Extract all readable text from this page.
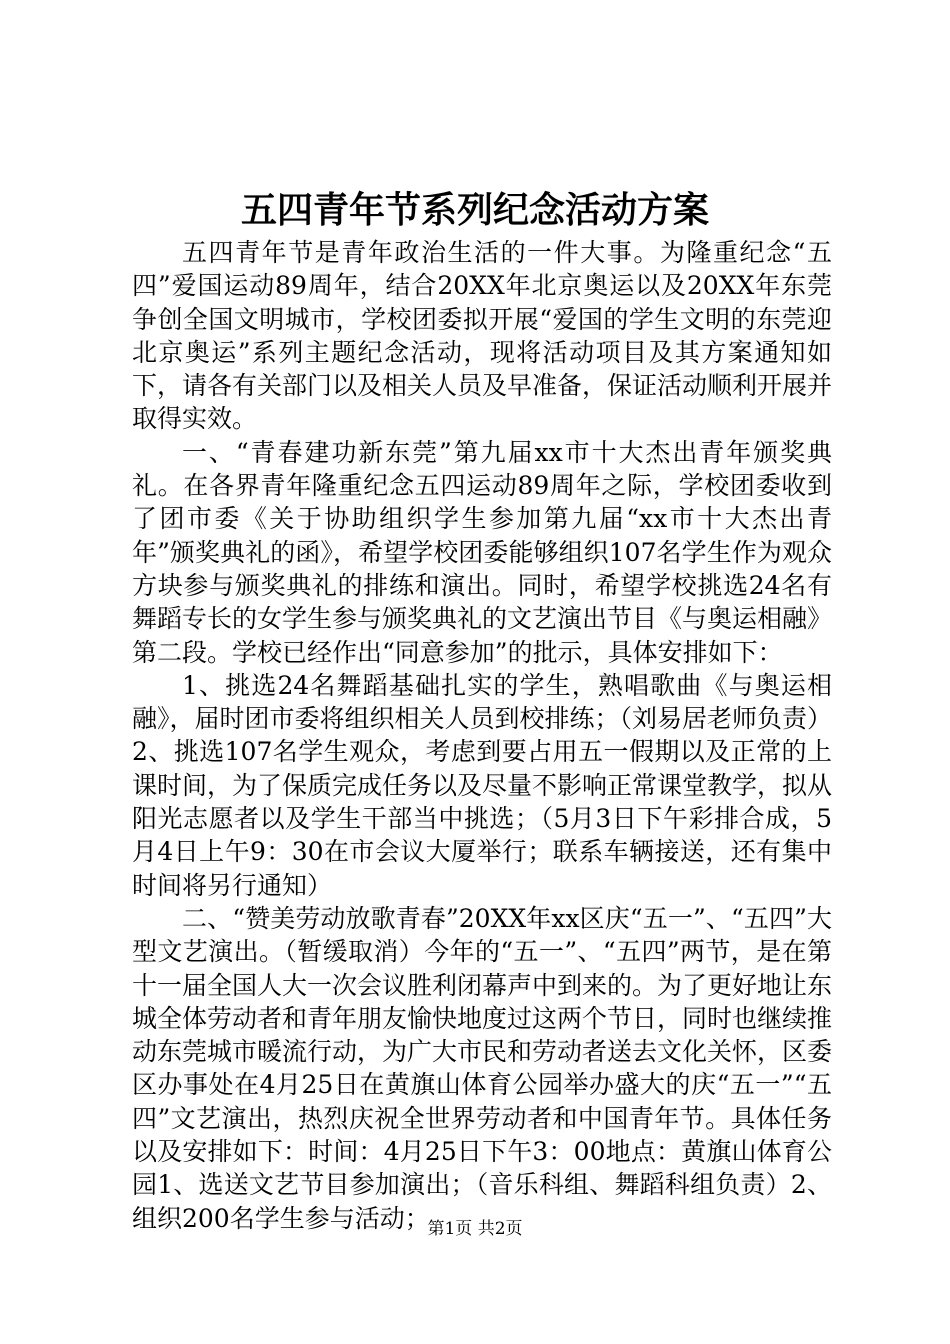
五四青年节系列纪念活动方案

五四青年节是青年政治生活的一件大事。为隆重纪念“五四”爱国运动89周年，结合20XX年北京奥运以及20XX年东莞争创全国文明城市，学校团委拟开展“爱国的学生文明的东莞迎北京奥运”系列主题纪念活动，现将活动项目及其方案通知如下，请各有关部门以及相关人员及早准备，保证活动顺利开展并取得实效。

一、“青春建功新东莞”第九届xx市十大杰出青年颁奖典礼。在各界青年隆重纪念五四运动89周年之际，学校团委收到了团市委《关于协助组织学生参加第九届“xx市十大杰出青年”颁奖典礼的函》，希望学校团委能够组织107名学生作为观众方块参与颁奖典礼的排练和演出。同时，希望学校挑选24名有舞蹈专长的女学生参与颁奖典礼的文艺演出节目《与奥运相融》第二段。学校已经作出“同意参加”的批示，具体安排如下：

1、挑选24名舞蹈基础扎实的学生，熟唱歌曲《与奥运相融》，届时团市委将组织相关人员到校排练；（刘易居老师负责）2、挑选107名学生观众，考虑到要占用五一假期以及正常的上课时间，为了保质完成任务以及尽量不影响正常课堂教学，拟从阳光志愿者以及学生干部当中挑选；（5月3日下午彩排合成，5月4日上午9：30在市会议大厦举行；联系车辆接送，还有集中时间将另行通知）

二、“赞美劳动放歌青春”20XX年xx区庆“五一”、“五四”大型文艺演出。（暂缓取消）今年的“五一”、“五四”两节，是在第十一届全国人大一次会议胜利闭幕声中到来的。为了更好地让东城全体劳动者和青年朋友愉快地度过这两个节日，同时也继续推动东莞城市暖流行动，为广大市民和劳动者送去文化关怀，区委区办事处在4月25日在黄旗山体育公园举办盛大的庆“五一”“五四”文艺演出，热烈庆祝全世界劳动者和中国青年节。具体任务以及安排如下：时间：4月25日下午3：00地点：黄旗山体育公园1、选送文艺节目参加演出；（音乐科组、舞蹈科组负责）2、组织200名学生参与活动；

第1页 共2页
